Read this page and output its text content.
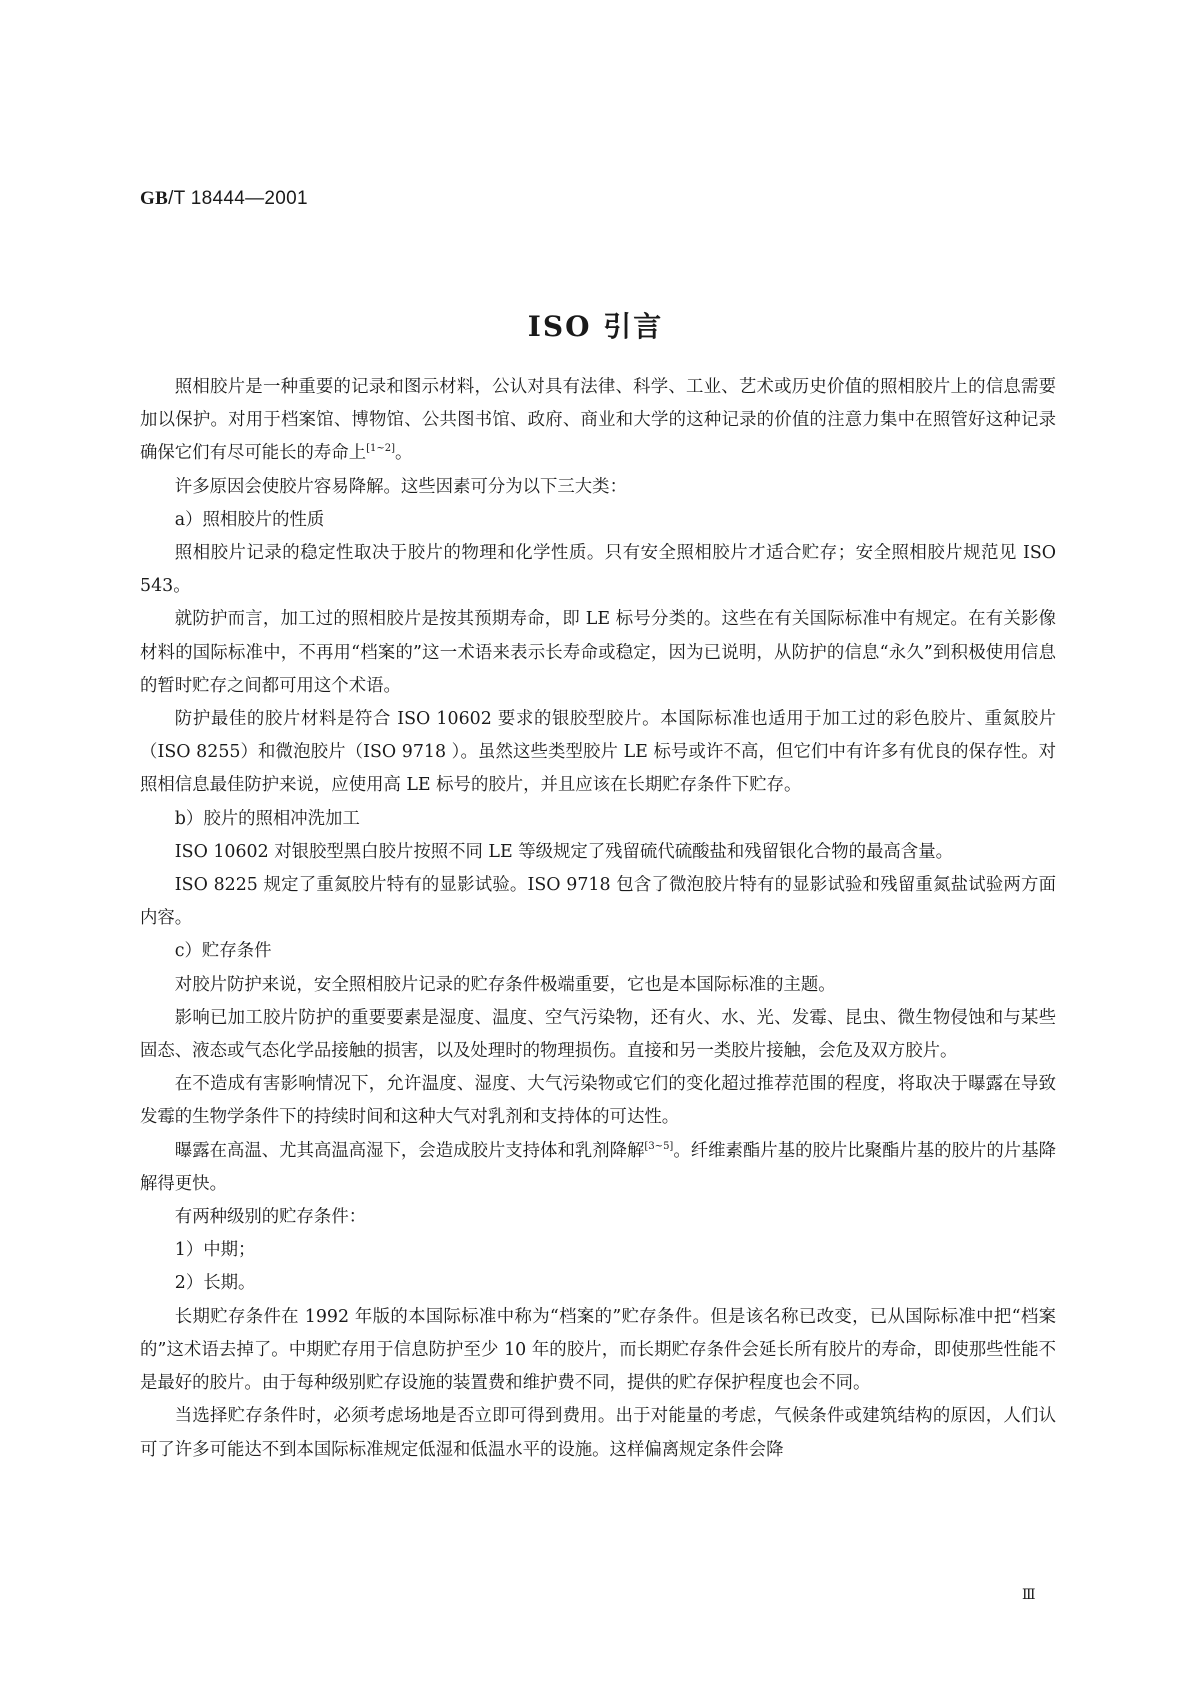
GB/T 18444—2001
ISO 引言

照相胶片是一种重要的记录和图示材料，公认对具有法律、科学、工业、艺术或历史价值的照相胶片上的信息需要加以保护。对用于档案馆、博物馆、公共图书馆、政府、商业和大学的这种记录的价值的注意力集中在照管好这种记录确保它们有尽可能长的寿命上[1~2]。

许多原因会使胶片容易降解。这些因素可分为以下三大类：

a）照相胶片的性质

照相胶片记录的稳定性取决于胶片的物理和化学性质。只有安全照相胶片才适合贮存；安全照相胶片规范见 ISO 543。

就防护而言，加工过的照相胶片是按其预期寿命，即 LE 标号分类的。这些在有关国际标准中有规定。在有关影像材料的国际标准中，不再用“档案的”这一术语来表示长寿命或稳定，因为已说明，从防护的信息“永久”到积极使用信息的暂时贮存之间都可用这个术语。

防护最佳的胶片材料是符合 ISO 10602 要求的银胶型胶片。本国际标准也适用于加工过的彩色胶片、重氮胶片（ISO 8255）和微泡胶片（ISO 9718 ）。虽然这些类型胶片 LE 标号或许不高，但它们中有许多有优良的保存性。对照相信息最佳防护来说，应使用高 LE 标号的胶片，并且应该在长期贮存条件下贮存。

b）胶片的照相冲洗加工

ISO 10602 对银胶型黑白胶片按照不同 LE 等级规定了残留硫代硫酸盐和残留银化合物的最高含量。

ISO 8225 规定了重氮胶片特有的显影试验。ISO 9718 包含了微泡胶片特有的显影试验和残留重氮盐试验两方面内容。

c）贮存条件

对胶片防护来说，安全照相胶片记录的贮存条件极端重要，它也是本国际标准的主题。

影响已加工胶片防护的重要要素是湿度、温度、空气污染物，还有火、水、光、发霉、昆虫、微生物侵蚀和与某些固态、液态或气态化学品接触的损害，以及处理时的物理损伤。直接和另一类胶片接触，会危及双方胶片。

在不造成有害影响情况下，允许温度、湿度、大气污染物或它们的变化超过推荐范围的程度，将取决于曝露在导致发霉的生物学条件下的持续时间和这种大气对乳剂和支持体的可达性。

曝露在高温、尤其高温高湿下，会造成胶片支持体和乳剂降解[3~5]。纤维素酯片基的胶片比聚酯片基的胶片的片基降解得更快。

有两种级别的贮存条件：

1）中期；

2）长期。

长期贮存条件在 1992 年版的本国际标准中称为“档案的”贮存条件。但是该名称已改变，已从国际标准中把“档案的”这术语去掉了。中期贮存用于信息防护至少 10 年的胶片，而长期贮存条件会延长所有胶片的寿命，即使那些性能不是最好的胶片。由于每种级别贮存设施的装置费和维护费不同，提供的贮存保护程度也会不同。

当选择贮存条件时，必须考虑场地是否立即可得到费用。出于对能量的考虑，气候条件或建筑结构的原因，人们认可了许多可能达不到本国际标准规定低湿和低温水平的设施。这样偏离规定条件会降

Ⅲ
